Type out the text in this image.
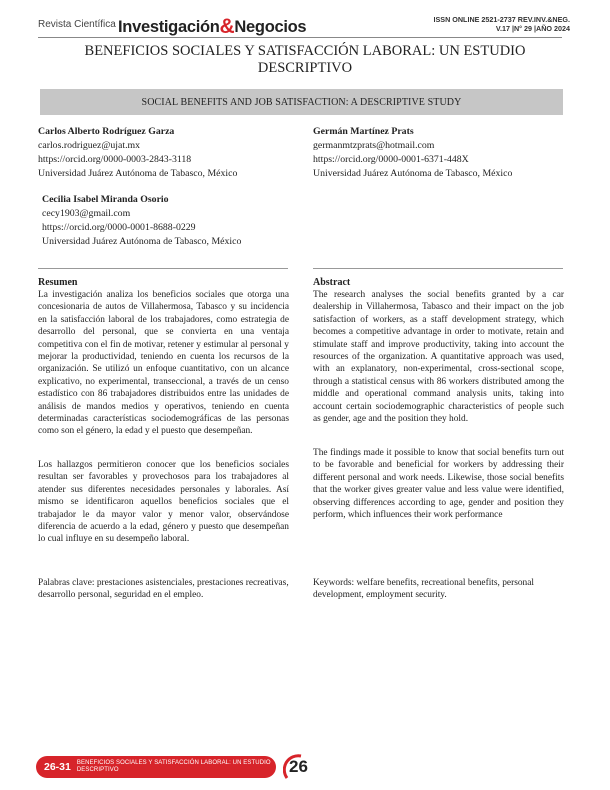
Revista Científica Investigación&Negocios	ISSN ONLINE 2521-2737 REV.INV.&NEG.
V.17 |N° 29 |AÑO 2024
BENEFICIOS SOCIALES Y SATISFACCIÓN LABORAL: UN ESTUDIO DESCRIPTIVO
SOCIAL BENEFITS AND JOB SATISFACTION: A DESCRIPTIVE STUDY
Carlos Alberto Rodríguez Garza
carlos.rodriguez@ujat.mx
https://orcid.org/0000-0003-2843-3118
Universidad Juárez Autónoma de Tabasco, México
Germán Martínez Prats
germanmtzprats@hotmail.com
https://orcid.org/0000-0001-6371-448X
Universidad Juárez Autónoma de Tabasco, México
Cecilia Isabel Miranda Osorio
cecy1903@gmail.com
https://orcid.org/0000-0001-8688-0229
Universidad Juárez Autónoma de Tabasco, México
Resumen
La investigación analiza los beneficios sociales que otorga una concesionaria de autos de Villahermosa, Tabasco y su incidencia en la satisfacción laboral de los trabajadores, como estrategia de desarrollo del personal, que se convierta en una ventaja competitiva con el fin de motivar, retener y estimular al personal y mejorar la productividad, teniendo en cuenta los recursos de la organización. Se utilizó un enfoque cuantitativo, con un alcance explicativo, no experimental, transeccional, a través de un censo estadístico con 86 trabajadores distribuidos entre las unidades de análisis de mandos medios y operativos, teniendo en cuenta determinadas características sociodemográficas de las personas como son el género, la edad y el puesto que desempeñan.
Los hallazgos permitieron conocer que los beneficios sociales resultan ser favorables y provechosos para los trabajadores al atender sus diferentes necesidades personales y laborales. Así mismo se identificaron aquellos beneficios sociales que el trabajador le da mayor valor y menor valor, observándose diferencia de acuerdo a la edad, género y puesto que desempeñan lo cual influye en su desempeño laboral.
Palabras clave: prestaciones asistenciales, prestaciones recreativas, desarrollo personal, seguridad en el empleo.
Abstract
The research analyses the social benefits granted by a car dealership in Villahermosa, Tabasco and their impact on the job satisfaction of workers, as a staff development strategy, which becomes a competitive advantage in order to motivate, retain and stimulate staff and improve productivity, taking into account the resources of the organization. A quantitative approach was used, with an explanatory, non-experimental, cross-sectional scope, through a statistical census with 86 workers distributed among the middle and operational command analysis units, taking into account certain sociodemographic characteristics of people such as gender, age and the position they hold.
The findings made it possible to know that social benefits turn out to be favorable and beneficial for workers by addressing their different personal and work needs. Likewise, those social benefits that the worker gives greater value and less value were identified, observing differences according to age, gender and position they perform, which influences their work performance
Keywords: welfare benefits, recreational benefits, personal development, employment security.
26-31 BENEFICIOS SOCIALES Y SATISFACCIÓN LABORAL: UN ESTUDIO DESCRIPTIVO	26
